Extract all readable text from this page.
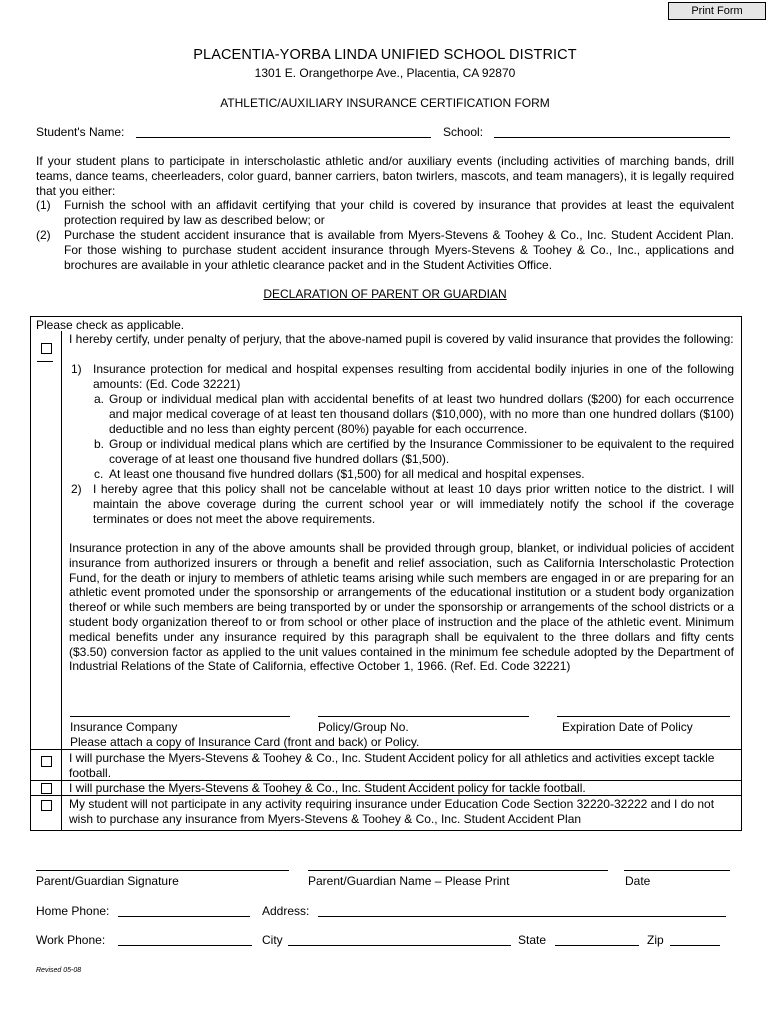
Print Form
PLACENTIA-YORBA LINDA UNIFIED SCHOOL DISTRICT
1301 E. Orangethorpe Ave., Placentia, CA 92870
ATHLETIC/AUXILIARY INSURANCE CERTIFICATION FORM
Student's Name:	School:
If your student plans to participate in interscholastic athletic and/or auxiliary events (including activities of marching bands, drill teams, dance teams, cheerleaders, color guard, banner carriers, baton twirlers, mascots, and team managers), it is legally required that you either:
(1) Furnish the school with an affidavit certifying that your child is covered by insurance that provides at least the equivalent protection required by law as described below; or
(2) Purchase the student accident insurance that is available from Myers-Stevens & Toohey & Co., Inc. Student Accident Plan. For those wishing to purchase student accident insurance through Myers-Stevens & Toohey & Co., Inc., applications and brochures are available in your athletic clearance packet and in the Student Activities Office.
DECLARATION OF PARENT OR GUARDIAN
Please check as applicable.
I hereby certify, under penalty of perjury, that the above-named pupil is covered by valid insurance that provides the following:
1) Insurance protection for medical and hospital expenses resulting from accidental bodily injuries in one of the following amounts: (Ed. Code 32221)
a. Group or individual medical plan with accidental benefits of at least two hundred dollars ($200) for each occurrence and major medical coverage of at least ten thousand dollars ($10,000), with no more than one hundred dollars ($100) deductible and no less than eighty percent (80%) payable for each occurrence.
b. Group or individual medical plans which are certified by the Insurance Commissioner to be equivalent to the required coverage of at least one thousand five hundred dollars ($1,500).
c. At least one thousand five hundred dollars ($1,500) for all medical and hospital expenses.
2) I hereby agree that this policy shall not be cancelable without at least 10 days prior written notice to the district. I will maintain the above coverage during the current school year or will immediately notify the school if the coverage terminates or does not meet the above requirements.
Insurance protection in any of the above amounts shall be provided through group, blanket, or individual policies of accident insurance from authorized insurers or through a benefit and relief association, such as California Interscholastic Protection Fund, for the death or injury to members of athletic teams arising while such members are engaged in or are preparing for an athletic event promoted under the sponsorship or arrangements of the educational institution or a student body organization thereof or while such members are being transported by or under the sponsorship or arrangements of the school districts or a student body organization thereof to or from school or other place of instruction and the place of the athletic event. Minimum medical benefits under any insurance required by this paragraph shall be equivalent to the three dollars and fifty cents ($3.50) conversion factor as applied to the unit values contained in the minimum fee schedule adopted by the Department of Industrial Relations of the State of California, effective October 1, 1966. (Ref. Ed. Code 32221)
Insurance Company	Policy/Group No.	Expiration Date of Policy
Please attach a copy of Insurance Card (front and back) or Policy.
I will purchase the Myers-Stevens & Toohey & Co., Inc. Student Accident policy for all athletics and activities except tackle football.
I will purchase the Myers-Stevens & Toohey & Co., Inc. Student Accident policy for tackle football.
My student will not participate in any activity requiring insurance under Education Code Section 32220-32222 and I do not wish to purchase any insurance from Myers-Stevens & Toohey & Co., Inc. Student Accident Plan
Parent/Guardian Signature	Parent/Guardian Name – Please Print	Date
Home Phone:	Address:
Work Phone:	City	State	Zip
Revised 05-08
